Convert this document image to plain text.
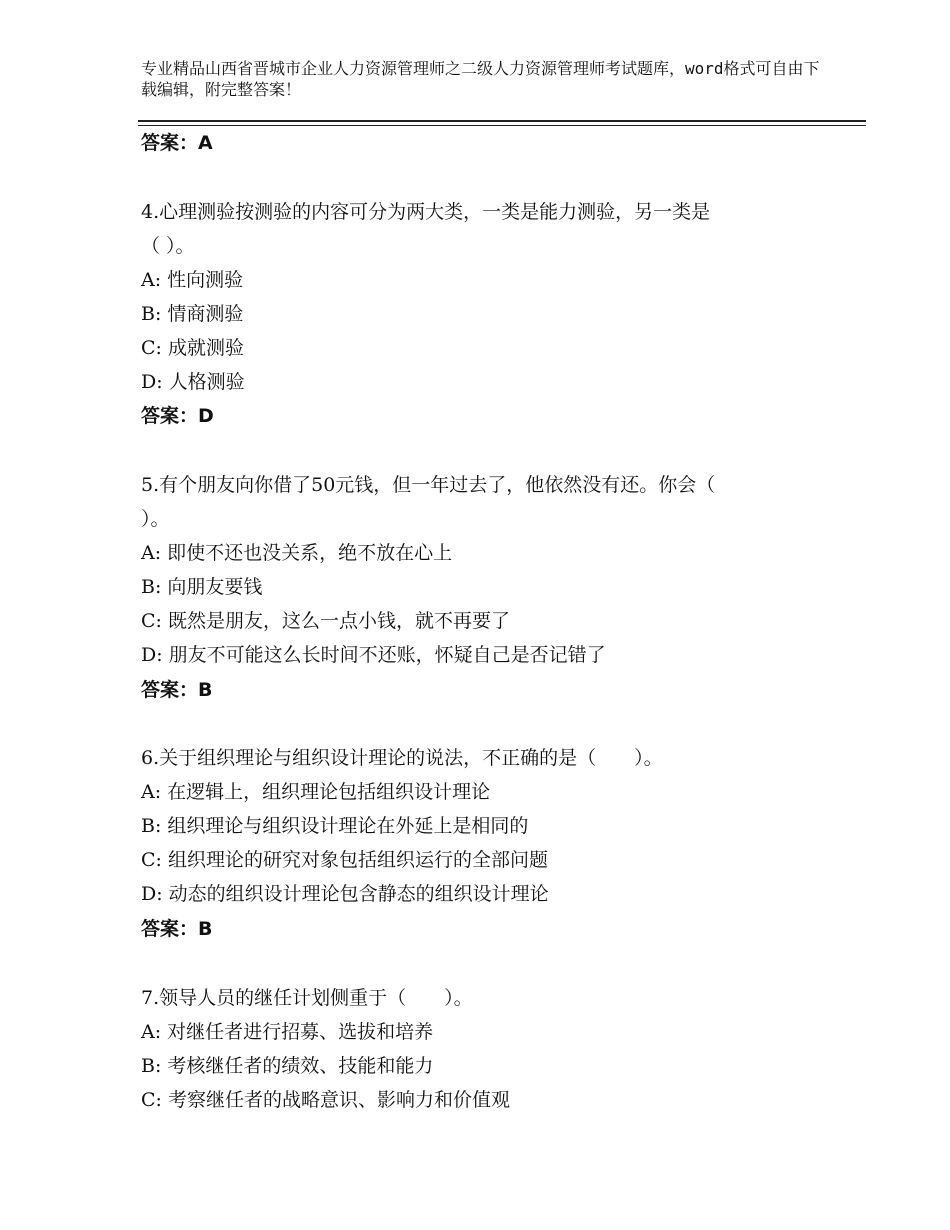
专业精品山西省晋城市企业人力资源管理师之二级人力资源管理师考试题库，word格式可自由下载编辑，附完整答案！
答案：A
4.心理测验按测验的内容可分为两大类，一类是能力测验，另一类是
（ ）。
A: 性向测验
B: 情商测验
C: 成就测验
D: 人格测验
答案：D
5.有个朋友向你借了50元钱，但一年过去了，他依然没有还。你会（
）。
A: 即使不还也没关系，绝不放在心上
B: 向朋友要钱
C: 既然是朋友，这么一点小钱，就不再要了
D: 朋友不可能这么长时间不还账，怀疑自己是否记错了
答案：B
6.关于组织理论与组织设计理论的说法，不正确的是（　　）。
A: 在逻辑上，组织理论包括组织设计理论
B: 组织理论与组织设计理论在外延上是相同的
C: 组织理论的研究对象包括组织运行的全部问题
D: 动态的组织设计理论包含静态的组织设计理论
答案：B
7.领导人员的继任计划侧重于（　　）。
A: 对继任者进行招募、选拔和培养
B: 考核继任者的绩效、技能和能力
C: 考察继任者的战略意识、影响力和价值观
